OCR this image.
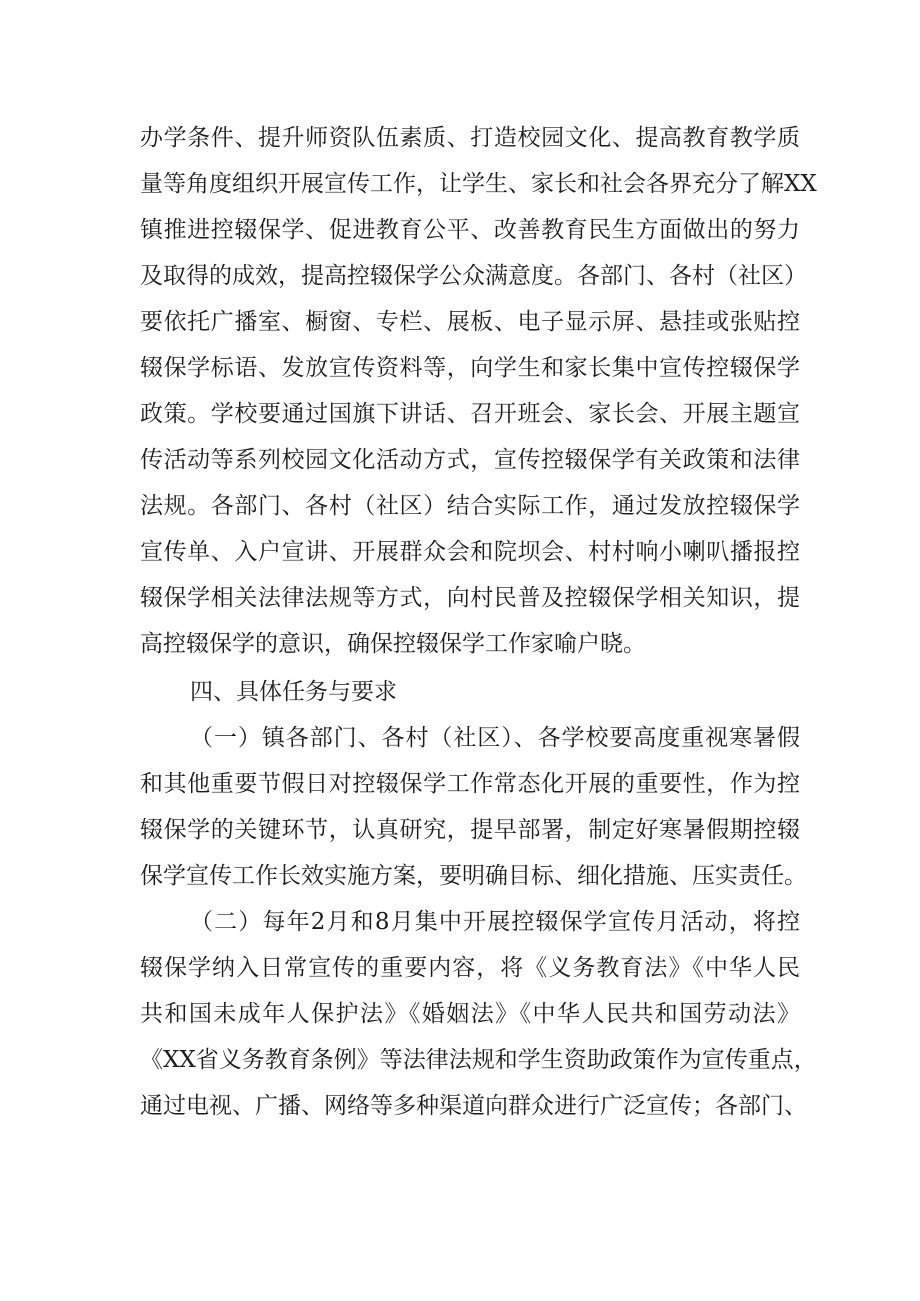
办学条件、提升师资队伍素质、打造校园文化、提高教育教学质
量等角度组织开展宣传工作，让学生、家长和社会各界充分了解XX
镇推进控辍保学、促进教育公平、改善教育民生方面做出的努力
及取得的成效，提高控辍保学公众满意度。各部门、各村（社区）
要依托广播室、橱窗、专栏、展板、电子显示屏、悬挂或张贴控
辍保学标语、发放宣传资料等，向学生和家长集中宣传控辍保学
政策。学校要通过国旗下讲话、召开班会、家长会、开展主题宣
传活动等系列校园文化活动方式，宣传控辍保学有关政策和法律
法规。各部门、各村（社区）结合实际工作，通过发放控辍保学
宣传单、入户宣讲、开展群众会和院坝会、村村响小喇叭播报控
辍保学相关法律法规等方式，向村民普及控辍保学相关知识，提
高控辍保学的意识，确保控辍保学工作家喻户晓。
四、具体任务与要求
（一）镇各部门、各村（社区）、各学校要高度重视寒暑假
和其他重要节假日对控辍保学工作常态化开展的重要性，作为控
辍保学的关键环节，认真研究，提早部署，制定好寒暑假期控辍
保学宣传工作长效实施方案，要明确目标、细化措施、压实责任。
（二）每年2月和8月集中开展控辍保学宣传月活动，将控
辍保学纳入日常宣传的重要内容，将《义务教育法》《中华人民
共和国未成年人保护法》《婚姻法》《中华人民共和国劳动法》
《XX省义务教育条例》等法律法规和学生资助政策作为宣传重点，
通过电视、广播、网络等多种渠道向群众进行广泛宣传；各部门、
